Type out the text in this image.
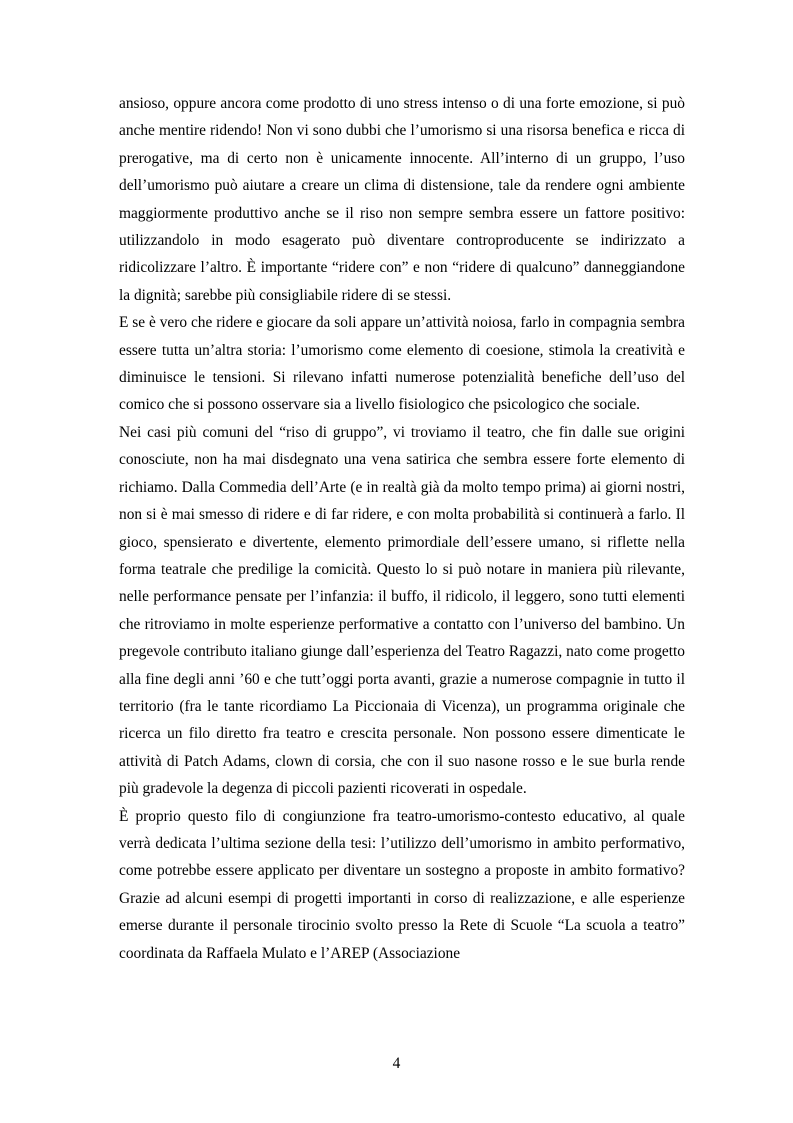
ansioso, oppure ancora come prodotto di uno stress intenso o di una forte emozione, si può anche mentire ridendo! Non vi sono dubbi che l’umorismo si una risorsa benefica e ricca di prerogative, ma di certo non è unicamente innocente. All’interno di un gruppo, l’uso dell’umorismo può aiutare a creare un clima di distensione, tale da rendere ogni ambiente maggiormente produttivo anche se il riso non sempre sembra essere un fattore positivo: utilizzandolo in modo esagerato può diventare controproducente se indirizzato a ridicolizzare l’altro. È importante “ridere con” e non “ridere di qualcuno” danneggiandone la dignità; sarebbe più consigliabile ridere di se stessi.

E se è vero che ridere e giocare da soli appare un’attività noiosa, farlo in compagnia sembra essere tutta un’altra storia: l’umorismo come elemento di coesione, stimola la creatività e diminuisce le tensioni. Si rilevano infatti numerose potenzialità benefiche dell’uso del comico che si possono osservare sia a livello fisiologico che psicologico che sociale.

Nei casi più comuni del “riso di gruppo”, vi troviamo il teatro, che fin dalle sue origini conosciute, non ha mai disdegnato una vena satirica che sembra essere forte elemento di richiamo. Dalla Commedia dell’Arte (e in realtà già da molto tempo prima) ai giorni nostri, non si è mai smesso di ridere e di far ridere, e con molta probabilità si continuerà a farlo. Il gioco, spensierato e divertente, elemento primordiale dell’essere umano, si riflette nella forma teatrale che predilige la comicità. Questo lo si può notare in maniera più rilevante, nelle performance pensate per l’infanzia: il buffo, il ridicolo, il leggero, sono tutti elementi che ritroviamo in molte esperienze performative a contatto con l’universo del bambino. Un pregevole contributo italiano giunge dall’esperienza del Teatro Ragazzi, nato come progetto alla fine degli anni ’60 e che tutt’oggi porta avanti, grazie a numerose compagnie in tutto il territorio (fra le tante ricordiamo La Piccionaia di Vicenza), un programma originale che ricerca un filo diretto fra teatro e crescita personale. Non possono essere dimenticate le attività di Patch Adams, clown di corsia, che con il suo nasone rosso e le sue burla rende più gradevole la degenza di piccoli pazienti ricoverati in ospedale.

È proprio questo filo di congiunzione fra teatro-umorismo-contesto educativo, al quale verrà dedicata l’ultima sezione della tesi: l’utilizzo dell’umorismo in ambito performativo, come potrebbe essere applicato per diventare un sostegno a proposte in ambito formativo? Grazie ad alcuni esempi di progetti importanti in corso di realizzazione, e alle esperienze emerse durante il personale tirocinio svolto presso la Rete di Scuole “La scuola a teatro” coordinata da Raffaela Mulato e l’AREP (Associazione

4
